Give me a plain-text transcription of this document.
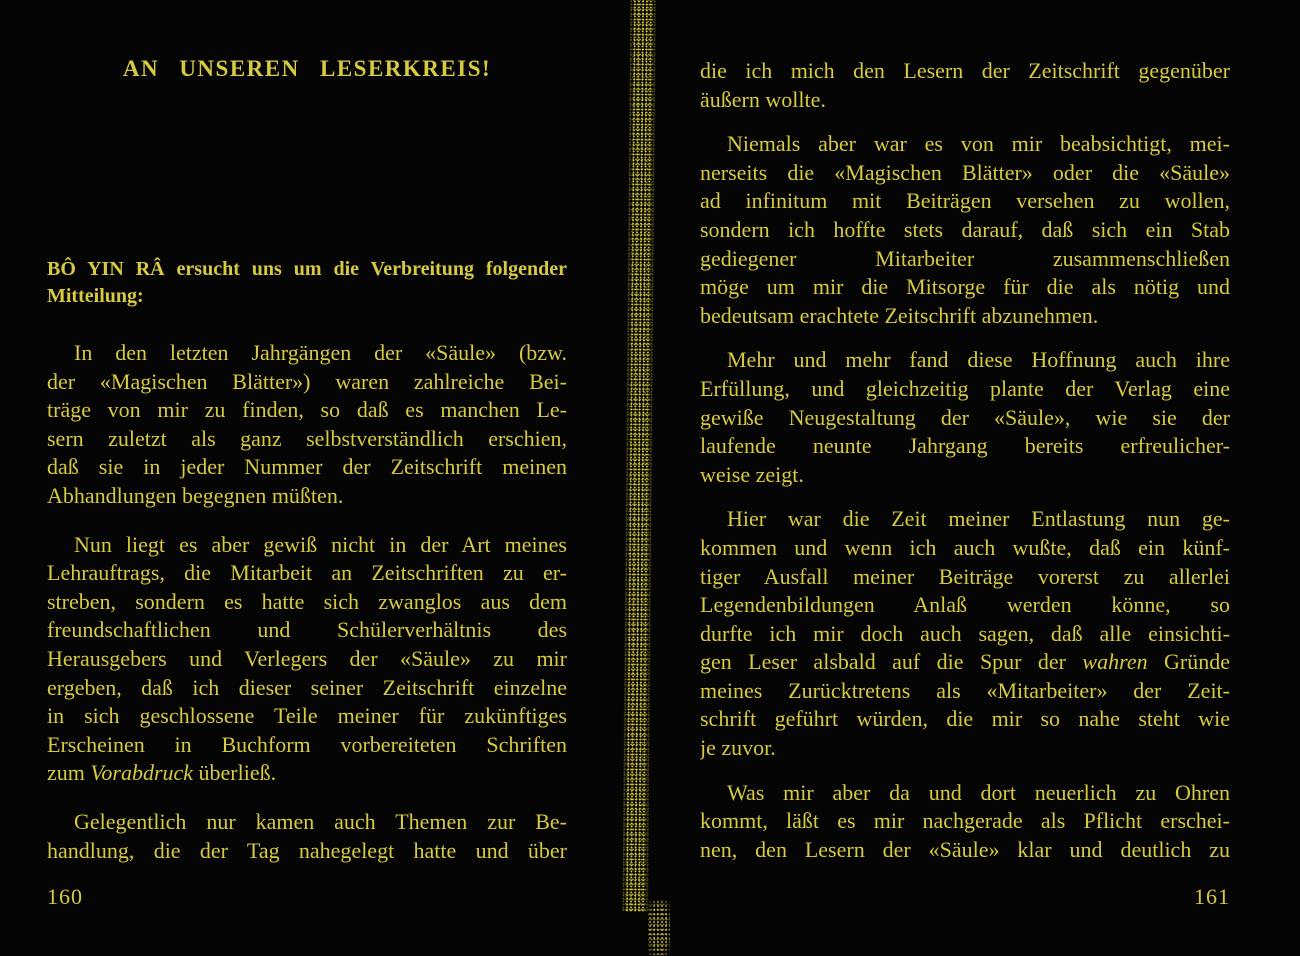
AN UNSEREN LESERKREIS!
BÔ YIN RÂ ersucht uns um die Verbreitung folgender
Mitteilung:
In den letzten Jahrgängen der «Säule» (bzw.
der «Magischen Blätter») waren zahlreiche Bei-
träge von mir zu finden, so daß es manchen Le-
sern zuletzt als ganz selbstverständlich erschien,
daß sie in jeder Nummer der Zeitschrift meinen
Abhandlungen begegnen müßten.
Nun liegt es aber gewiß nicht in der Art meines
Lehrauftrags, die Mitarbeit an Zeitschriften zu er-
streben, sondern es hatte sich zwanglos aus dem
freundschaftlichen und Schülerverhältnis des
Herausgebers und Verlegers der «Säule» zu mir
ergeben, daß ich dieser seiner Zeitschrift einzelne
in sich geschlossene Teile meiner für zukünftiges
Erscheinen in Buchform vorbereiteten Schriften
zum Vorabdruck überließ.
Gelegentlich nur kamen auch Themen zur Be-
handlung, die der Tag nahegelegt hatte und über
160
die ich mich den Lesern der Zeitschrift gegenüber
äußern wollte.
Niemals aber war es von mir beabsichtigt, mei-
nerseits die «Magischen Blätter» oder die «Säule»
ad infinitum mit Beiträgen versehen zu wollen,
sondern ich hoffte stets darauf, daß sich ein Stab
gediegener Mitarbeiter zusammenschließen
möge um mir die Mitsorge für die als nötig und
bedeutsam erachtete Zeitschrift abzunehmen.
Mehr und mehr fand diese Hoffnung auch ihre
Erfüllung, und gleichzeitig plante der Verlag eine
gewiße Neugestaltung der «Säule», wie sie der
laufende neunte Jahrgang bereits erfreulicher-
weise zeigt.
Hier war die Zeit meiner Entlastung nun ge-
kommen und wenn ich auch wußte, daß ein künf-
tiger Ausfall meiner Beiträge vorerst zu allerlei
Legendenbildungen Anlaß werden könne, so
durfte ich mir doch auch sagen, daß alle einsichti-
gen Leser alsbald auf die Spur der wahren Gründe
meines Zurücktretens als «Mitarbeiter» der Zeit-
schrift geführt würden, die mir so nahe steht wie
je zuvor.
Was mir aber da und dort neuerlich zu Ohren
kommt, läßt es mir nachgerade als Pflicht erschei-
nen, den Lesern der «Säule» klar und deutlich zu
161
